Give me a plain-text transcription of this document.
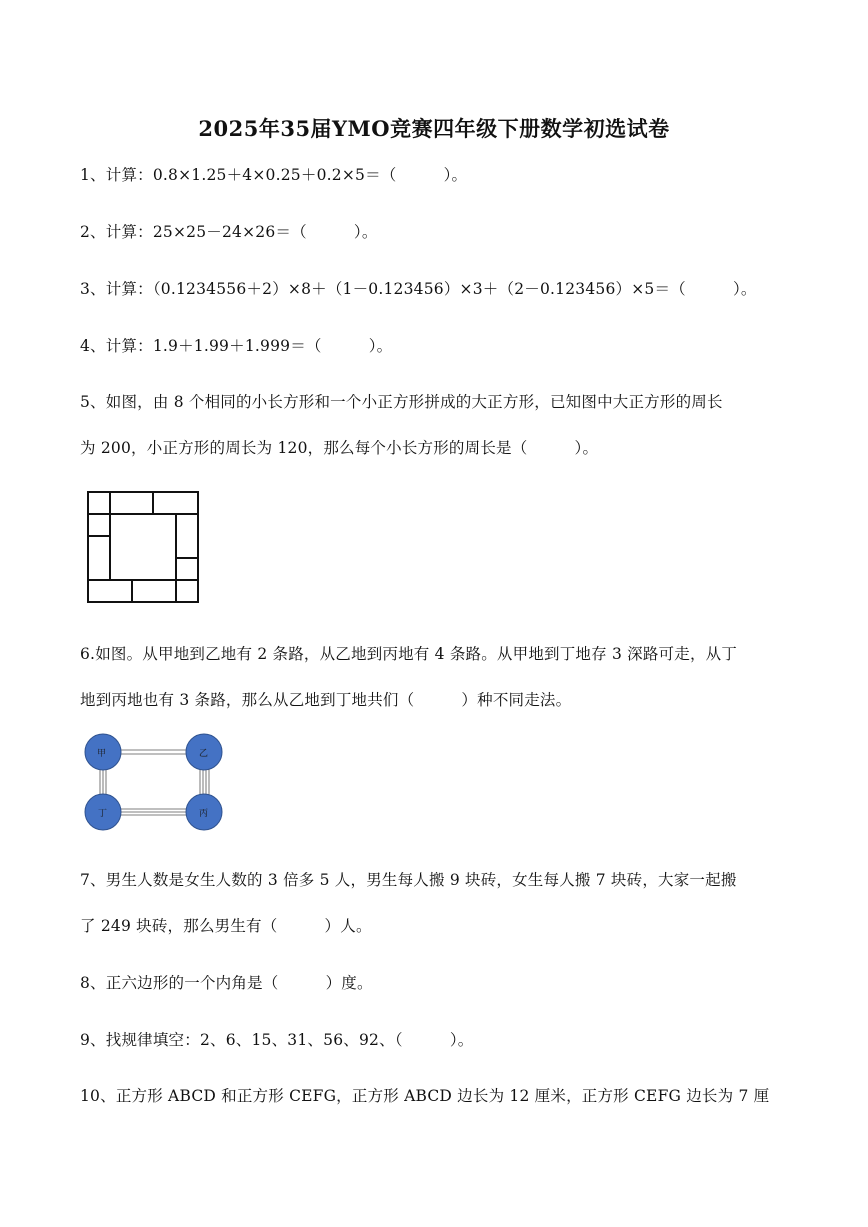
2025年35届YMO竞赛四年级下册数学初选试卷
1、计算：0.8×1.25＋4×0.25＋0.2×5＝（　　　）。
2、计算：25×25－24×26＝（　　　）。
3、计算：（0.1234556＋2）×8＋（1－0.123456）×3＋（2－0.123456）×5＝（　　　）。
4、计算：1.9＋1.99＋1.999＝（　　　）。
5、如图，由 8 个相同的小长方形和一个小正方形拼成的大正方形，已知图中大正方形的周长
为 200，小正方形的周长为 120，那么每个小长方形的周长是（　　　）。
6.如图。从甲地到乙地有 2 条路，从乙地到丙地有 4 条路。从甲地到丁地存 3 深路可走，从丁
地到丙地也有 3 条路，那么从乙地到丁地共们（　　　）种不同走法。
甲	乙
丁	丙
7、男生人数是女生人数的 3 倍多 5 人，男生每人搬 9 块砖，女生每人搬 7 块砖，大家一起搬
了 249 块砖，那么男生有（　　　）人。
8、正六边形的一个内角是（　　　）度。
9、找规律填空：2、6、15、31、56、92、（　　　）。
10、正方形 ABCD 和正方形 CEFG，正方形 ABCD 边长为 12 厘米，正方形 CEFG 边长为 7 厘
